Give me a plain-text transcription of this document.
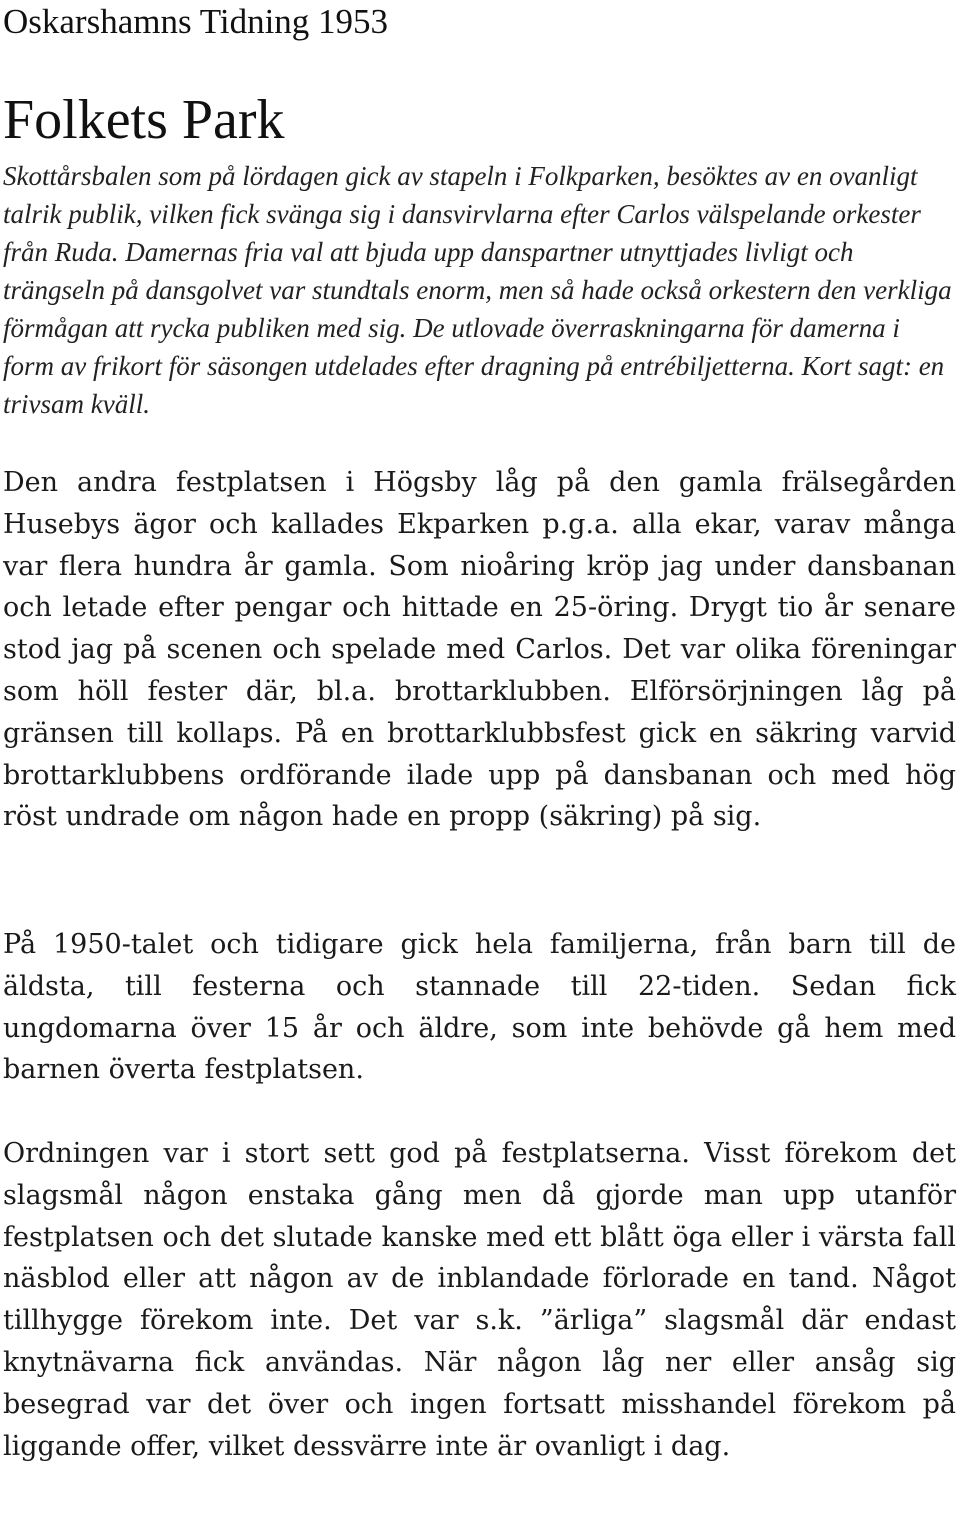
Oskarshamns Tidning 1953
Folkets Park

Skottårsbalen som på lördagen gick av stapeln i Folkparken, besöktes av en ovanligt talrik publik, vilken fick svänga sig i dansvirvlarna efter Carlos välspelande orkester från Ruda. Damernas fria val att bjuda upp danspartner utnyttjades livligt och trängseln på dansgolvet var stundtals enorm, men så hade också orkestern den verkliga förmågan att rycka publiken med sig. De utlovade överraskningarna för damerna i form av frikort för säsongen utdelades efter dragning på entrébiljetterna. Kort sagt: en trivsam kväll.

Den andra festplatsen i Högsby låg på den gamla frälsegården Husebys ägor och kallades Ekparken p.g.a. alla ekar, varav många var flera hundra år gamla. Som nioåring kröp jag under dansbanan och letade efter pengar och hittade en 25-öring. Drygt tio år senare stod jag på scenen och spelade med Carlos. Det var olika föreningar som höll fester där, bl.a. brottarklubben. Elförsörjningen låg på gränsen till kollaps. På en brottarklubbsfest gick en säkring varvid brottarklubbens ordförande ilade upp på dansbanan och med hög röst undrade om någon hade en propp (säkring) på sig.

På 1950-talet och tidigare gick hela familjerna, från barn till de äldsta, till festerna och stannade till 22-tiden. Sedan fick ungdomarna över 15 år och äldre, som inte behövde gå hem med barnen överta festplatsen.

Ordningen var i stort sett god på festplatserna. Visst förekom det slagsmål någon enstaka gång men då gjorde man upp utanför festplatsen och det slutade kanske med ett blått öga eller i värsta fall näsblod eller att någon av de inblandade förlorade en tand. Något tillhygge förekom inte. Det var s.k. ”ärliga” slagsmål där endast knytnävarna fick användas. När någon låg ner eller ansåg sig besegrad var det över och ingen fortsatt misshandel förekom på liggande offer, vilket dessvärre inte är ovanligt i dag.
